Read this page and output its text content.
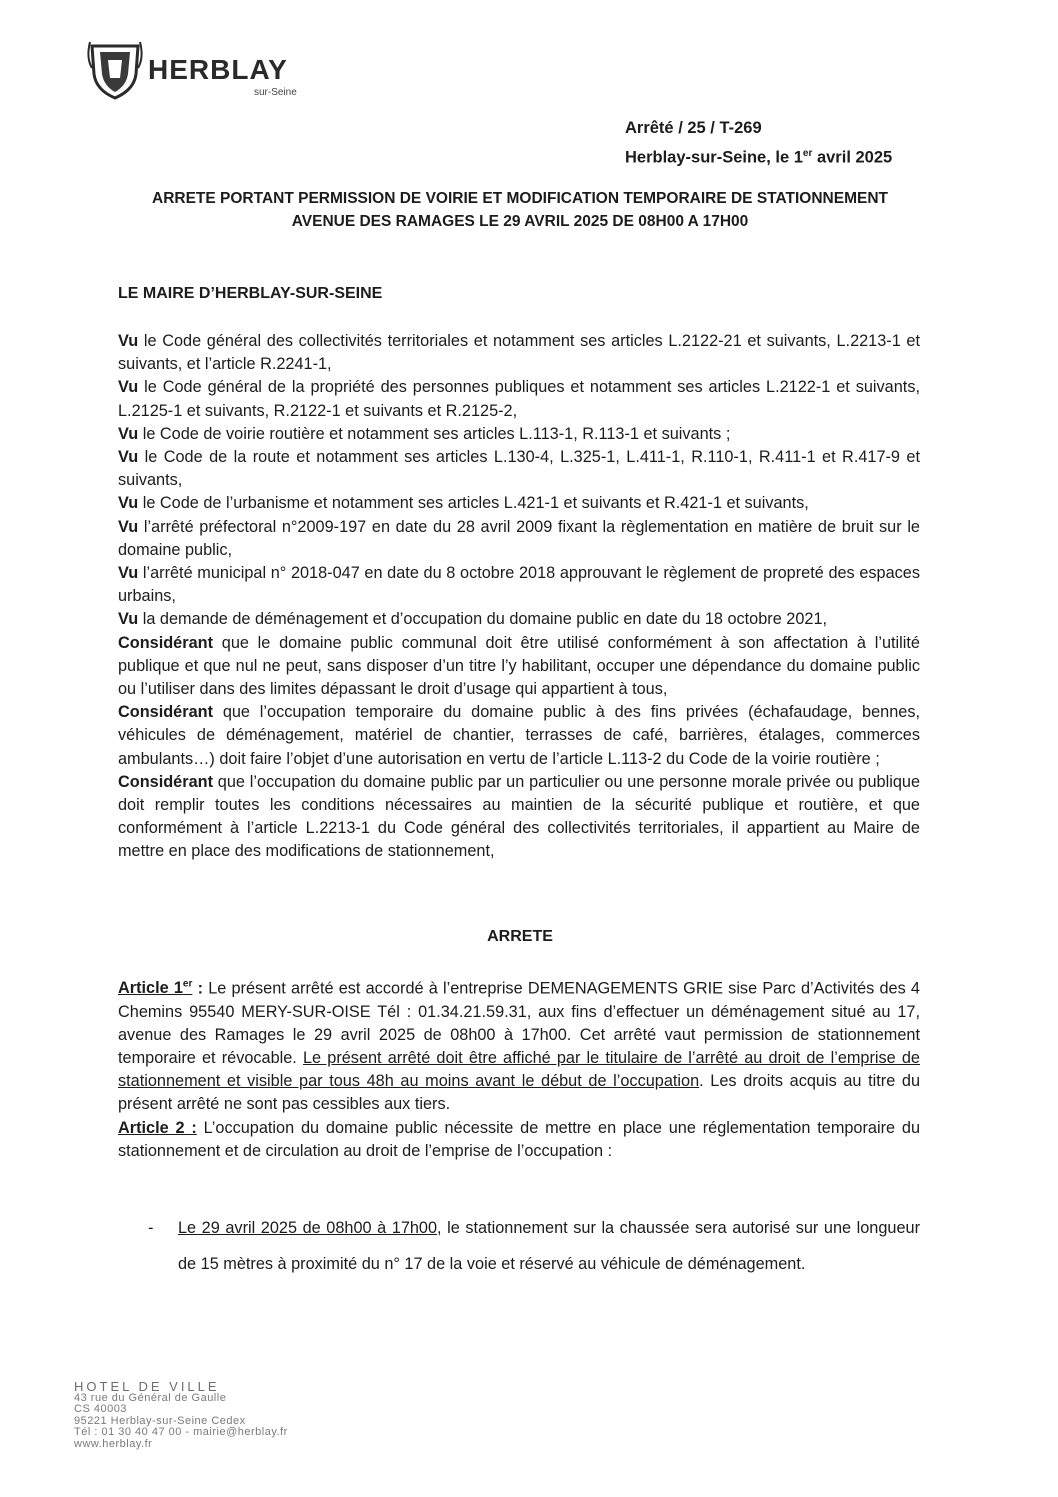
HERBLAY
sur-Seine
Arrêté / 25 / T-269
Herblay-sur-Seine, le 1er avril 2025
ARRETE PORTANT PERMISSION DE VOIRIE ET MODIFICATION TEMPORAIRE DE STATIONNEMENT
AVENUE DES RAMAGES LE 29 AVRIL 2025 DE 08H00 A 17H00
LE MAIRE D’HERBLAY-SUR-SEINE

Vu le Code général des collectivités territoriales et notamment ses articles L.2122-21 et suivants, L.2213-1 et suivants, et l’article R.2241-1,

Vu le Code général de la propriété des personnes publiques et notamment ses articles L.2122-1 et suivants, L.2125-1 et suivants, R.2122-1 et suivants et R.2125-2,

Vu le Code de voirie routière et notamment ses articles L.113-1, R.113-1 et suivants ;

Vu le Code de la route et notamment ses articles L.130-4, L.325-1, L.411-1, R.110-1, R.411-1 et R.417-9 et suivants,

Vu le Code de l’urbanisme et notamment ses articles L.421-1 et suivants et R.421-1 et suivants,

Vu l’arrêté préfectoral n°2009-197 en date du 28 avril 2009 fixant la règlementation en matière de bruit sur le domaine public,

Vu l’arrêté municipal n° 2018-047 en date du 8 octobre 2018 approuvant le règlement de propreté des espaces urbains,

Vu la demande de déménagement et d’occupation du domaine public en date du 18 octobre 2021,

Considérant que le domaine public communal doit être utilisé conformément à son affectation à l’utilité publique et que nul ne peut, sans disposer d’un titre l’y habilitant, occuper une dépendance du domaine public ou l’utiliser dans des limites dépassant le droit d’usage qui appartient à tous,

Considérant que l’occupation temporaire du domaine public à des fins privées (échafaudage, bennes, véhicules de déménagement, matériel de chantier, terrasses de café, barrières, étalages, commerces ambulants…) doit faire l’objet d’une autorisation en vertu de l’article L.113-2 du Code de la voirie routière ;

Considérant que l’occupation du domaine public par un particulier ou une personne morale privée ou publique doit remplir toutes les conditions nécessaires au maintien de la sécurité publique et routière, et que conformément à l’article L.2213-1 du Code général des collectivités territoriales, il appartient au Maire de mettre en place des modifications de stationnement,

ARRETE

Article 1er : Le présent arrêté est accordé à l’entreprise DEMENAGEMENTS GRIE sise Parc d’Activités des 4 Chemins 95540 MERY-SUR-OISE Tél : 01.34.21.59.31, aux fins d’effectuer un déménagement situé au 17, avenue des Ramages le 29 avril 2025 de 08h00 à 17h00. Cet arrêté vaut permission de stationnement temporaire et révocable. Le présent arrêté doit être affiché par le titulaire de l’arrêté au droit de l’emprise de stationnement et visible par tous 48h au moins avant le début de l’occupation. Les droits acquis au titre du présent arrêté ne sont pas cessibles aux tiers.

Article 2 : L’occupation du domaine public nécessite de mettre en place une réglementation temporaire du stationnement et de circulation au droit de l’emprise de l’occupation :

- Le 29 avril 2025 de 08h00 à 17h00, le stationnement sur la chaussée sera autorisé sur une longueur de 15 mètres à proximité du n° 17 de la voie et réservé au véhicule de déménagement.
HOTEL DE VILLE
43 rue du Général de Gaulle
CS 40003
95221 Herblay-sur-Seine Cedex
Tél : 01 30 40 47 00 - mairie@herblay.fr
www.herblay.fr
